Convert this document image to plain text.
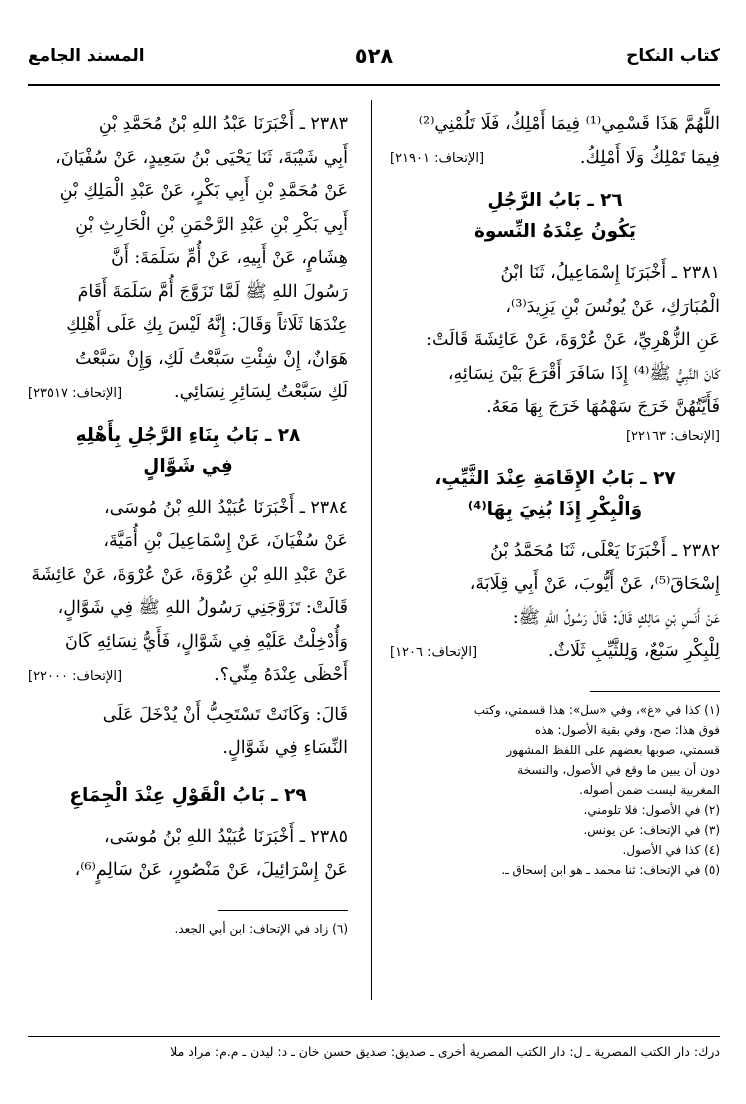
كتاب النكاح
٥٢٨
المسند الجامع

اللَّهُمَّ هَذَا قَسْمِي⁽¹⁾ فِيمَا أَمْلِكُ، فَلَا تَلُمْنِي⁽²⁾
فِيمَا تَمْلِكُ وَلَا أَمْلِكُ.

[الإتحاف: ٢١٩٠١]
٢٦ ـ بَابُ الرَّجُلِ
يَكُونُ عِنْدَهُ النِّسوة

٢٣٨١ ـ أَخْبَرَنَا إِسْمَاعِيلُ، ثَنَا ابْنُ
الْمُبَارَكِ، عَنْ يُونُسَ بْنِ يَزِيدَ⁽³⁾،
عَنِ الزُّهْرِيِّ، عَنْ عُرْوَةَ، عَنْ عَائِشَةَ قَالَتْ:
كَانَ النَّبِيُّ ﷺ⁽⁴⁾ إِذَا سَافَرَ أَقْرَعَ بَيْنَ نِسَائِهِ،
فَأَيَّتُهُنَّ خَرَجَ سَهْمُهَا خَرَجَ بِهَا مَعَهُ.

[الإتحاف: ٢٢١٦٣]
٢٧ ـ بَابُ الإِقَامَةِ عِنْدَ الثَّيِّبِ،
وَالْبِكْرِ إِذَا بُنِيَ بِهَا⁽⁴⁾

٢٣٨٢ ـ أَخْبَرَنَا يَعْلَى، ثَنَا مُحَمَّدُ بْنُ
إِسْحَاقَ⁽⁵⁾، عَنْ أَيُّوبَ، عَنْ أَبِي قِلَابَةَ،
عَنْ أَنَسِ بْنِ مَالِكٍ قَالَ: قَالَ رَسُولُ اللهِ ﷺ:
لِلْبِكْرِ سَبْعٌ، وَلِلثَّيِّبِ ثَلَاثٌ.

[الإتحاف: ١٢٠٦]
(١) كذا في «غ»، وفي «سل»: هذا قسمتي، وكتب
فوق هذا: صح، وفي بقية الأصول: هذه
قسمتي، صوبها بعضهم على اللفظ المشهور
دون أن يبين ما وقع في الأصول، والنسخة
المغربية ليست ضمن أصوله.
(٢) في الأصول: فلا تلومني.
(٣) في الإتحاف: عن يونس.
(٤) كذا في الأصول.
(٥) في الإتحاف: ثنا محمد ـ هو ابن إسحاق ـ.

٢٣٨٣ ـ أَخْبَرَنَا عَبْدُ اللهِ بْنُ مُحَمَّدِ بْنِ
أَبِي شَيْبَةَ، ثَنَا يَحْيَى بْنُ سَعِيدٍ، عَنْ سُفْيَانَ،
عَنْ مُحَمَّدِ بْنِ أَبِي بَكْرٍ، عَنْ عَبْدِ الْمَلِكِ بْنِ
أَبِي بَكْرِ بْنِ عَبْدِ الرَّحْمَنِ بْنِ الْحَارِثِ بْنِ
هِشَامٍ، عَنْ أَبِيهِ، عَنْ أُمِّ سَلَمَةَ: أَنَّ
رَسُولَ اللهِ ﷺ لَمَّا تَزَوَّجَ أُمَّ سَلَمَةَ أَقَامَ
عِنْدَهَا ثَلَاثاً وَقَالَ: إِنَّهُ لَيْسَ بِكِ عَلَى أَهْلِكِ
هَوَانٌ، إِنْ شِئْتِ سَبَّعْتُ لَكِ، وَإِنْ سَبَّعْتُ
لَكِ سَبَّعْتُ لِسَائِرِ نِسَائِي.

[الإتحاف: ٢٣٥١٧]
٢٨ ـ بَابُ بِنَاءِ الرَّجُلِ بِأَهْلِهِ
فِي شَوَّالٍ

٢٣٨٤ ـ أَخْبَرَنَا عُبَيْدُ اللهِ بْنُ مُوسَى،
عَنْ سُفْيَانَ، عَنْ إِسْمَاعِيلَ بْنِ أُمَيَّةَ،
عَنْ عَبْدِ اللهِ بْنِ عُرْوَةَ، عَنْ عُرْوَةَ، عَنْ عَائِشَةَ
قَالَتْ: تَزَوَّجَنِي رَسُولُ اللهِ ﷺ فِي شَوَّالٍ،
وَأُدْخِلْتُ عَلَيْهِ فِي شَوَّالٍ، فَأَيُّ نِسَائِهِ كَانَ
أَحْظَى عِنْدَهُ مِنِّي؟.

[الإتحاف: ٢٢٠٠٠]

قَالَ: وَكَانَتْ تَسْتَحِبُّ أَنْ يُدْخَلَ عَلَى
النِّسَاءِ فِي شَوَّالٍ.

٢٩ ـ بَابُ الْقَوْلِ عِنْدَ الْجِمَاعِ

٢٣٨٥ ـ أَخْبَرَنَا عُبَيْدُ اللهِ بْنُ مُوسَى،
عَنْ إِسْرَائِيلَ، عَنْ مَنْصُورٍ، عَنْ سَالِمٍ⁽⁶⁾،

(٦) زاد في الإتحاف: ابن أبي الجعد.
درك: دار الكتب المصرية ـ ل: دار الكتب المصرية أخرى ـ صديق: صديق حسن خان ـ د: ليدن ـ م.م: مراد ملا
